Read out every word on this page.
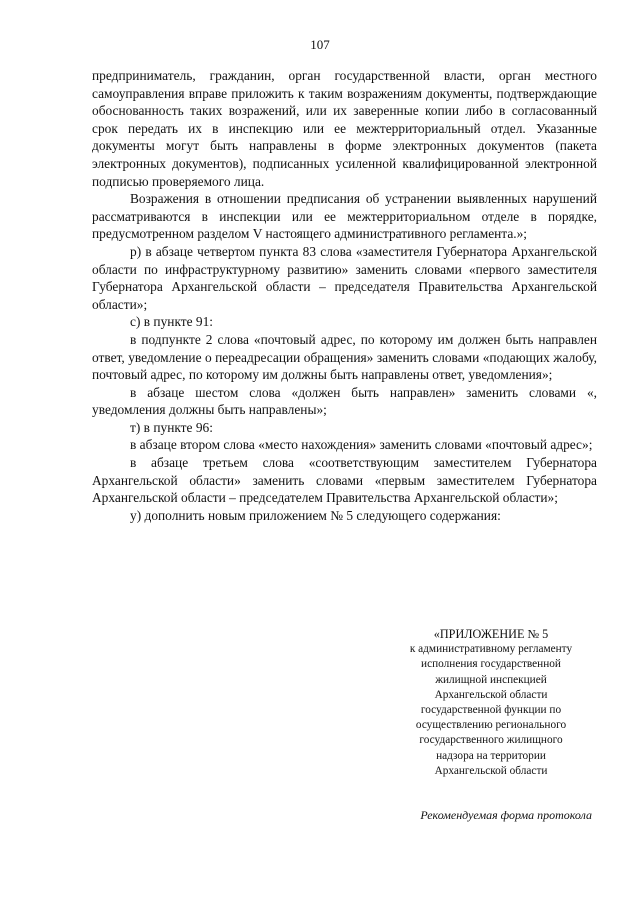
107

предприниматель, гражданин, орган государственной власти, орган местного самоуправления вправе приложить к таким возражениям документы, подтверждающие обоснованность таких возражений, или их заверенные копии либо в согласованный срок передать их в инспекцию или ее межтерриториальный отдел. Указанные документы могут быть направлены в форме электронных документов (пакета электронных документов), подписанных усиленной квалифицированной электронной подписью проверяемого лица.

Возражения в отношении предписания об устранении выявленных нарушений рассматриваются в инспекции или ее межтерриториальном отделе в порядке, предусмотренном разделом V настоящего административного регламента.»;

р) в абзаце четвертом пункта 83 слова «заместителя Губернатора Архангельской области по инфраструктурному развитию» заменить словами «первого заместителя Губернатора Архангельской области – председателя Правительства Архангельской области»;

с) в пункте 91:

в подпункте 2 слова «почтовый адрес, по которому им должен быть направлен ответ, уведомление о переадресации обращения» заменить словами «подающих жалобу, почтовый адрес, по которому им должны быть направлены ответ, уведомления»;

в абзаце шестом слова «должен быть направлен» заменить словами «, уведомления должны быть направлены»;

т) в пункте 96:

в абзаце втором слова «место нахождения» заменить словами «почтовый адрес»;

в абзаце третьем слова «соответствующим заместителем Губернатора Архангельской области» заменить словами «первым заместителем Губернатора Архангельской области – председателем Правительства Архангельской области»;

у) дополнить новым приложением № 5 следующего содержания:

«ПРИЛОЖЕНИЕ № 5
к административному регламенту
исполнения государственной
жилищной инспекцией
Архангельской области
государственной функции по
осуществлению регионального
государственного жилищного
надзора на территории
Архангельской области
Рекомендуемая форма протокола
